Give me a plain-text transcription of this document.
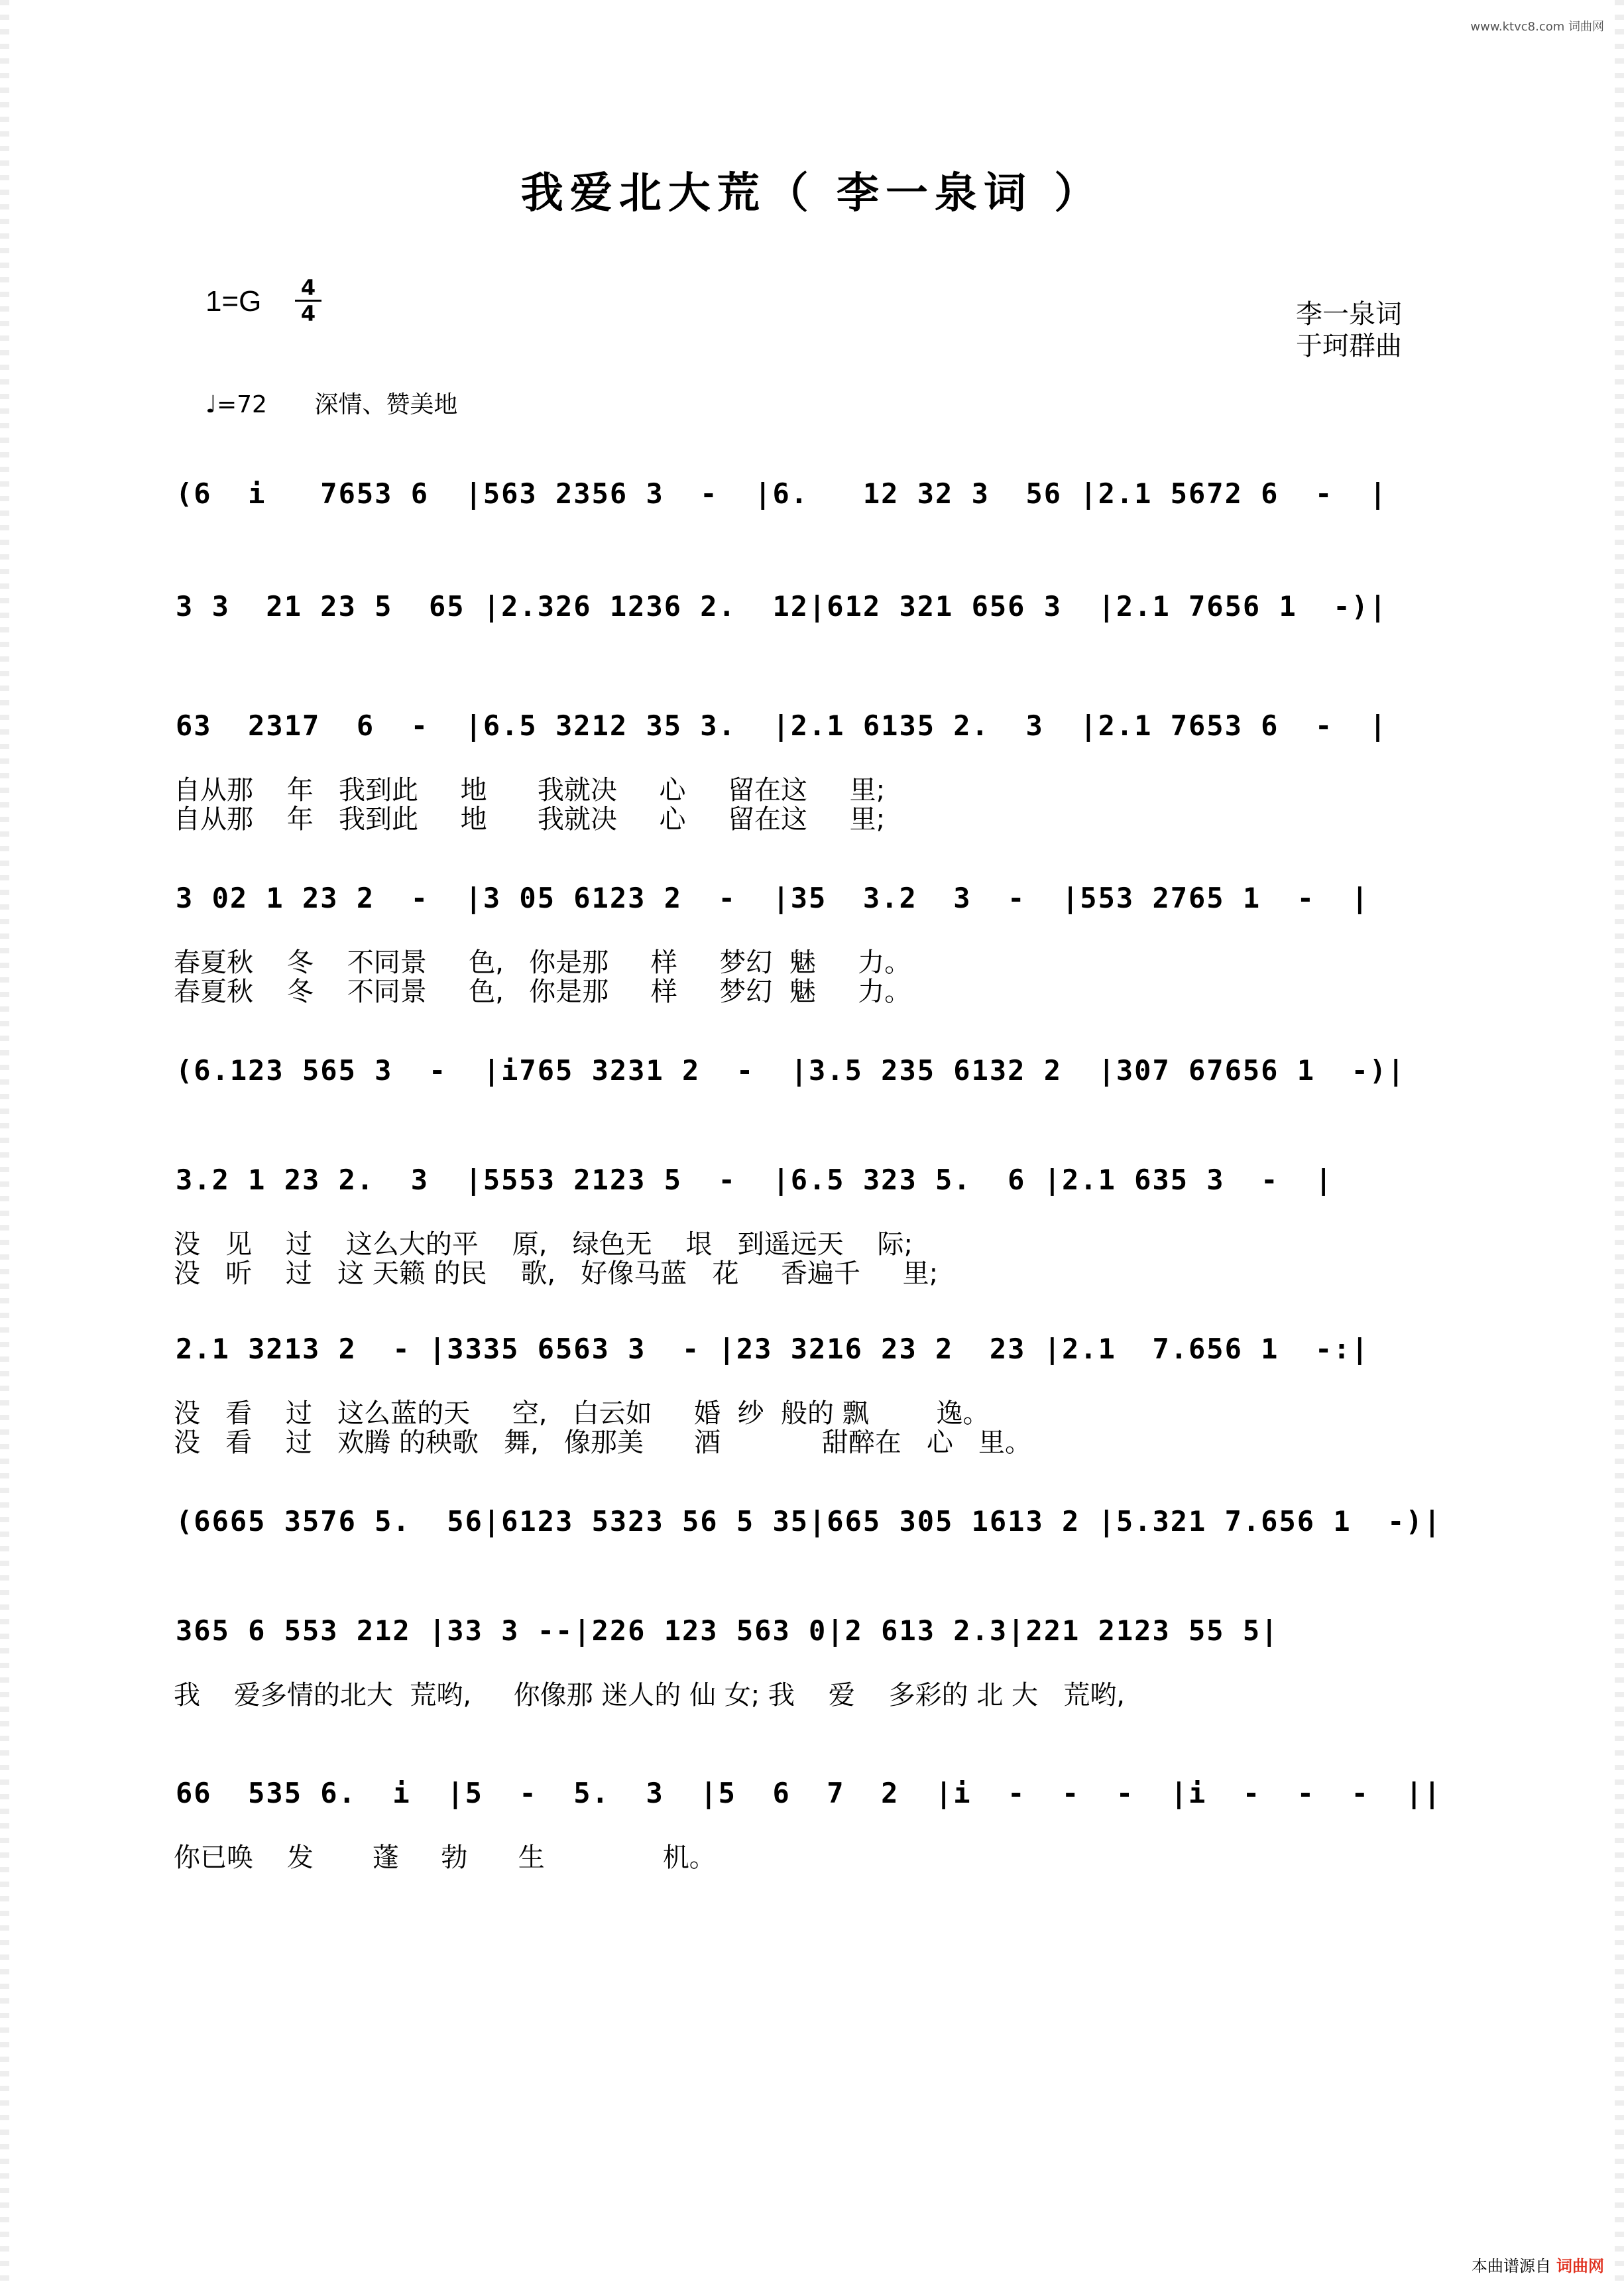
www.ktvc8.com 词曲网
我爱北大荒（ 李一泉词 ）
1=G 4
4	李一泉词
于珂群曲
♩=72 深情、赞美地
(6  i   7653 6  |563 2356 3  -  |6.   12 32 3  56 |2.1 5672 6  -  |
3 3  21 23 5  65 |2.326 1236 2.  12|612 321 656 3  |2.1 7656 1  -)|
63  2317  6  -  |6.5 3212 35 3.  |2.1 6135 2.  3  |2.1 7653 6  -  |
自从那    年   我到此     地      我就决     心     留在这     里;
自从那    年   我到此     地      我就决     心     留在这     里;
3 02 1 23 2  -  |3 05 6123 2  -  |35  3.2  3  -  |553 2765 1  -  |
春夏秋    冬    不同景     色,   你是那     样     梦幻  魅     力。
春夏秋    冬    不同景     色,   你是那     样     梦幻  魅     力。
(6.123 565 3  -  |i765 3231 2  -  |3.5 235 6132 2  |307 67656 1  -)|
3.2 1 23 2.  3  |5553 2123 5  -  |6.5 323 5.  6 |2.1 635 3  -  |
没   见    过    这么大的平    原,   绿色无    垠   到遥远天    际;
没   听    过   这 天籁 的民    歌,   好像马蓝   花     香遍千     里;
2.1 3213 2  - |3335 6563 3  - |23 3216 23 2  23 |2.1  7.656 1  -:|
没   看    过   这么蓝的天     空,   白云如     婚  纱  般的 飘        逸。
没   看    过   欢腾 的秧歌   舞,   像那美      酒            甜醉在   心   里。
(6665 3576 5.  56|6123 5323 56 5 35|665 305 1613 2 |5.321 7.656 1  -)|
365 6 553 212 |33 3 --|226 123 563 0|2 613 2.3|221 2123 55 5|
我    爱多情的北大  荒哟,     你像那 迷人的 仙 女; 我    爱    多彩的 北 大   荒哟,
66  535 6.  i  |5  -  5.  3  |5  6  7  2  |i  -  -  -  |i  -  -  -  ||
你已唤    发       蓬     勃      生              机。
本曲谱源自 词曲网
